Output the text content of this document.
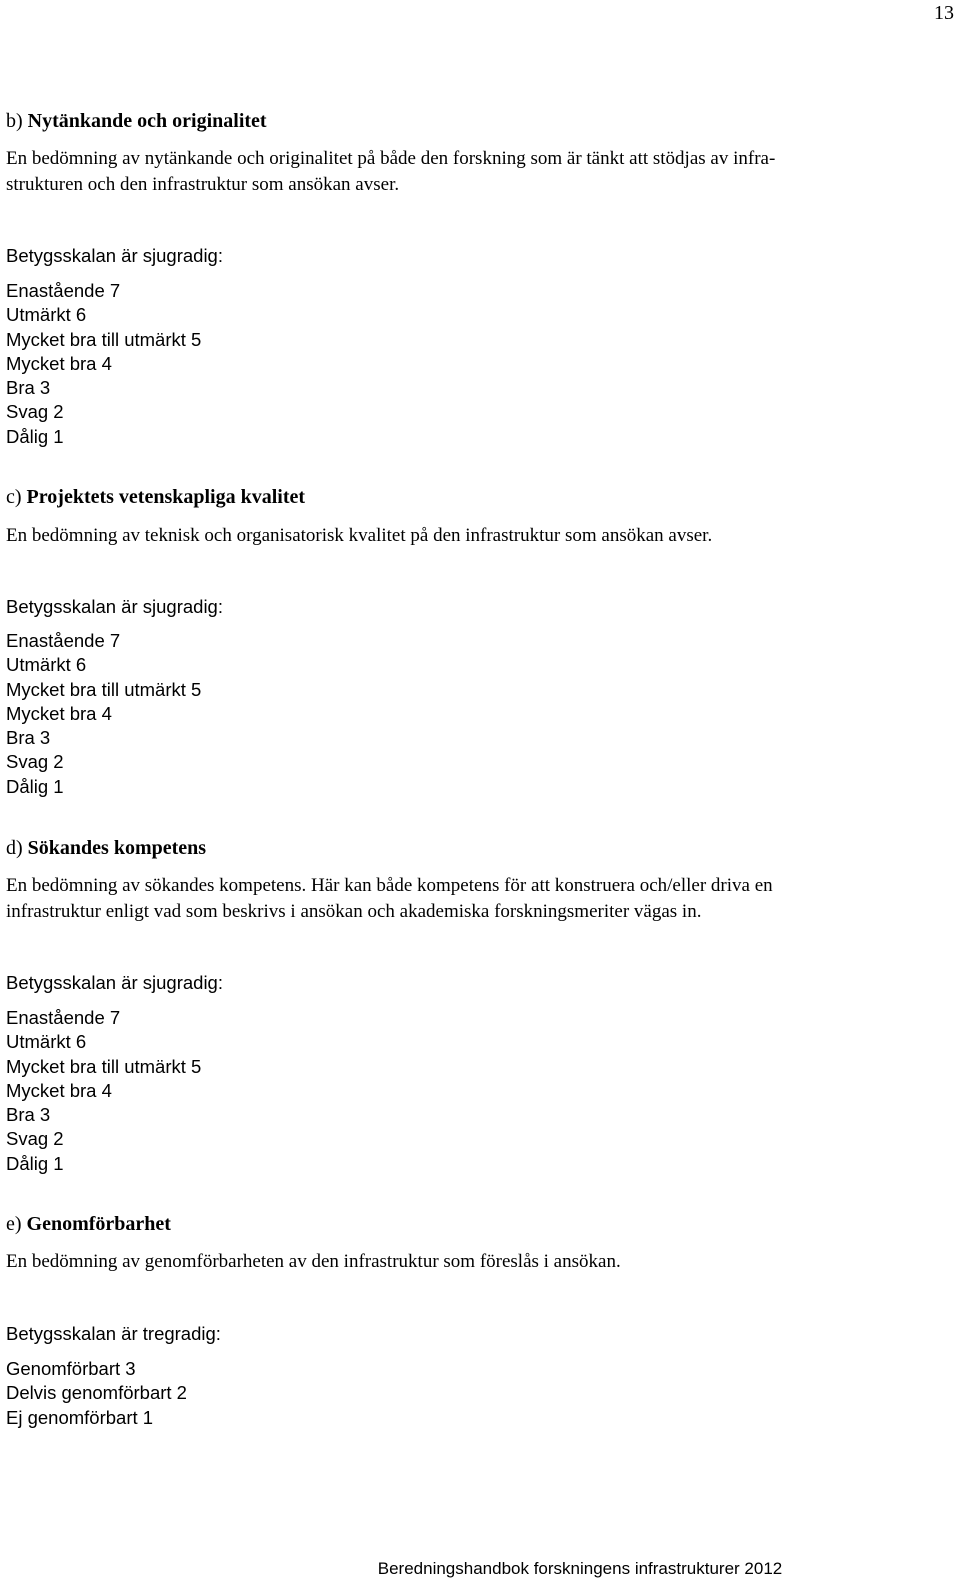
13
b) Nytänkande och originalitet
En bedömning av nytänkande och originalitet på både den forskning som är tänkt att stödjas av infra-
strukturen och den infrastruktur som ansökan avser.
Betygsskalan är sjugradig:
Enastående 7
Utmärkt 6
Mycket bra till utmärkt 5
Mycket bra 4
Bra 3
Svag 2
Dålig 1
c) Projektets vetenskapliga kvalitet
En bedömning av teknisk och organisatorisk kvalitet på den infrastruktur som ansökan avser.
Betygsskalan är sjugradig:
Enastående 7
Utmärkt 6
Mycket bra till utmärkt 5
Mycket bra 4
Bra 3
Svag 2
Dålig 1
d) Sökandes kompetens
En bedömning av sökandes kompetens. Här kan både kompetens för att konstruera och/eller driva en
infrastruktur enligt vad som beskrivs i ansökan och akademiska forskningsmeriter vägas in.
Betygsskalan är sjugradig:
Enastående 7
Utmärkt 6
Mycket bra till utmärkt 5
Mycket bra 4
Bra 3
Svag 2
Dålig 1
e) Genomförbarhet
En bedömning av genomförbarheten av den infrastruktur som föreslås i ansökan.
Betygsskalan är tregradig:
Genomförbart 3
Delvis genomförbart 2
Ej genomförbart 1
Beredningshandbok forskningens infrastrukturer 2012
